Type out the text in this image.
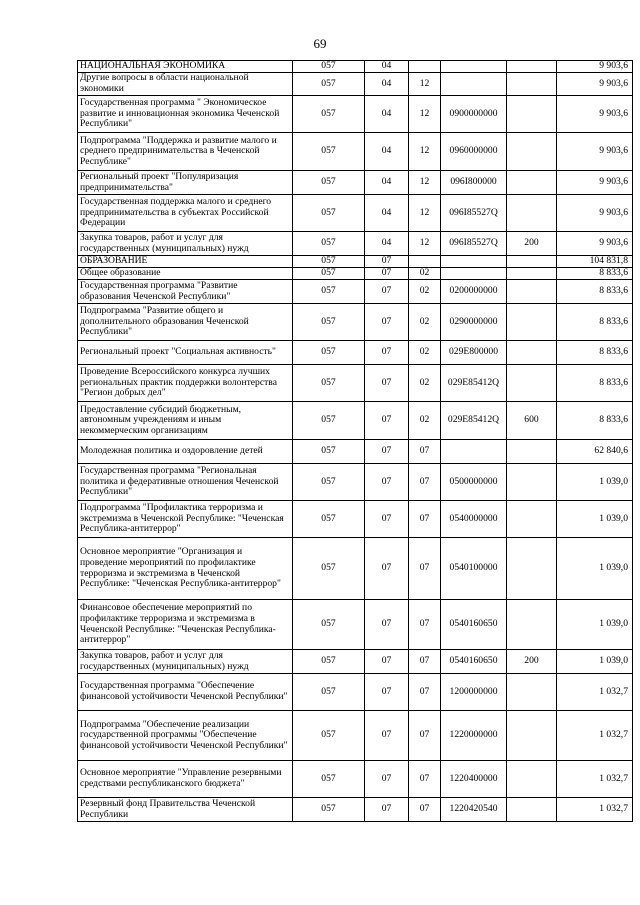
69
НАЦИОНАЛЬНАЯ ЭКОНОМИКА	057	04				9 903,6
Другие вопросы в области национальной экономики	057	04	12			9 903,6
Государственная программа " Экономическое развитие и инновационная экономика Чеченской Республики"	057	04	12	0900000000		9 903,6
Подпрограмма "Поддержка и развитие малого и среднего предпринимательства в Чеченской Республике"	057	04	12	0960000000		9 903,6
Региональный проект "Популяризация предпринимательства"	057	04	12	096I800000		9 903,6
Государственная поддержка малого и среднего предпринимательства в субъектах Российской Федерации	057	04	12	096I85527Q		9 903,6
Закупка товаров, работ и услуг для государственных (муниципальных) нужд	057	04	12	096I85527Q	200	9 903,6
ОБРАЗОВАНИЕ	057	07				104 831,8
Общее образование	057	07	02			8 833,6
Государственная программа "Развитие образования Чеченской Республики"	057	07	02	0200000000		8 833,6
Подпрограмма "Развитие общего и дополнительного образования Чеченской Республики"	057	07	02	0290000000		8 833,6
Региональный проект "Социальная активность"	057	07	02	029E800000		8 833,6
Проведение Всероссийского конкурса лучших региональных практик поддержки волонтерства "Регион добрых дел"	057	07	02	029E85412Q		8 833,6
Предоставление субсидий бюджетным, автономным учреждениям и иным некоммерческим организациям	057	07	02	029E85412Q	600	8 833,6
Молодежная политика и оздоровление детей	057	07	07			62 840,6
Государственная программа "Региональная политика и федеративные отношения Чеченской Республики"	057	07	07	0500000000		1 039,0
Подпрограмма "Профилактика терроризма и экстремизма в Чеченской Республике: "Чеченская Республика-антитеррор"	057	07	07	0540000000		1 039,0
Основное мероприятие "Организация и проведение мероприятий по профилактике терроризма и экстремизма в Чеченской Республике: "Чеченская Республика-антитеррор"	057	07	07	0540100000		1 039,0
Финансовое обеспечение мероприятий по профилактике терроризма и экстремизма в Чеченской Республике: "Чеченская Республика-антитеррор"	057	07	07	0540160650		1 039,0
Закупка товаров, работ и услуг для государственных (муниципальных) нужд	057	07	07	0540160650	200	1 039,0
Государственная программа "Обеспечение финансовой устойчивости Чеченской Республики"	057	07	07	1200000000		1 032,7
Подпрограмма "Обеспечение реализации государственной программы "Обеспечение финансовой устойчивости Чеченской Республики"	057	07	07	1220000000		1 032,7
Основное мероприятие "Управление резервными средствами республиканского бюджета"	057	07	07	1220400000		1 032,7
Резервный фонд Правительства Чеченской Республики	057	07	07	1220420540		1 032,7
